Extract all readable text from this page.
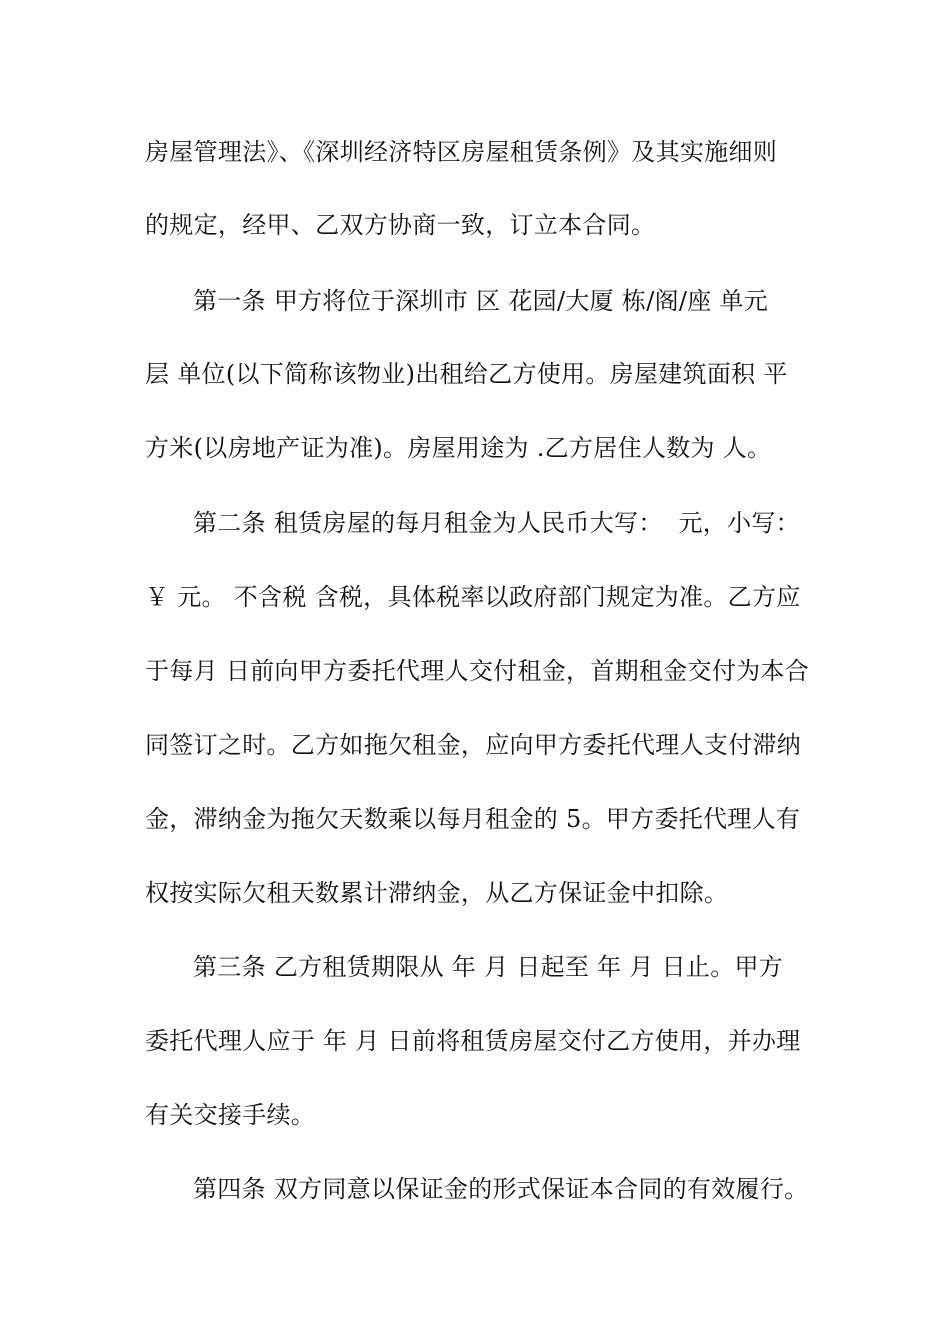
房屋管理法》、《深圳经济特区房屋租赁条例》及其实施细则
的规定，经甲、乙双方协商一致，订立本合同。
第一条 甲方将位于深圳市 区 花园/大厦 栋/阁/座 单元
层 单位(以下简称该物业)出租给乙方使用。房屋建筑面积 平
方米(以房地产证为准)。房屋用途为 .乙方居住人数为 人。
第二条 租赁房屋的每月租金为人民币大写：  元，小写：
￥ 元。 不含税 含税，具体税率以政府部门规定为准。乙方应
于每月 日前向甲方委托代理人交付租金，首期租金交付为本合
同签订之时。乙方如拖欠租金，应向甲方委托代理人支付滞纳
金，滞纳金为拖欠天数乘以每月租金的 5。甲方委托代理人有
权按实际欠租天数累计滞纳金，从乙方保证金中扣除。
第三条 乙方租赁期限从 年 月 日起至 年 月 日止。甲方
委托代理人应于 年 月 日前将租赁房屋交付乙方使用，并办理
有关交接手续。
第四条 双方同意以保证金的形式保证本合同的有效履行。
